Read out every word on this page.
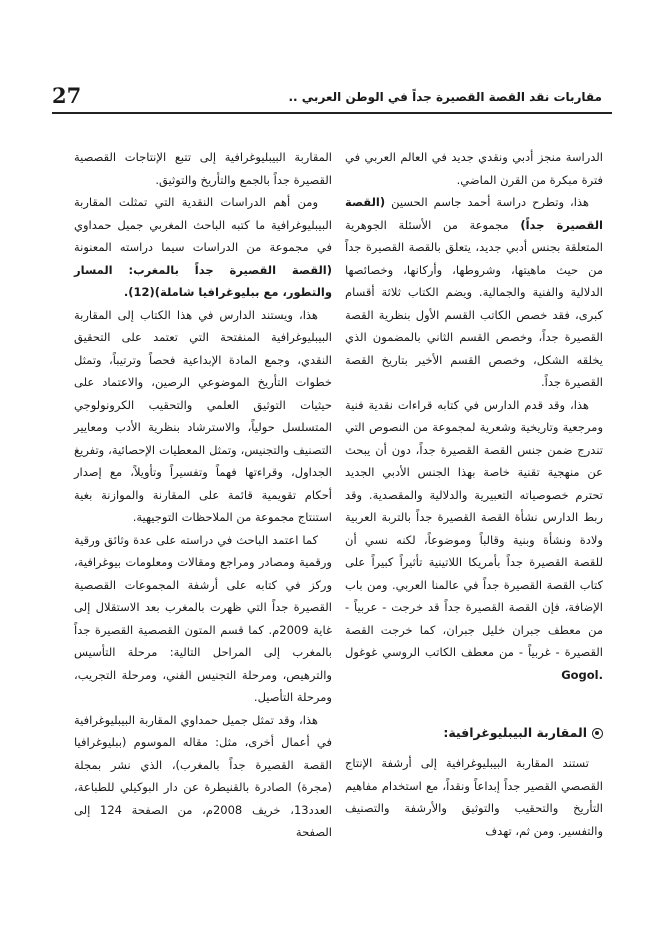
27	مقاربات نقد القصة القصيرة جداً في الوطن العربي ..

الدراسة منجز أدبي ونقدي جديد في العالم العربي في فترة مبكرة من القرن الماضي.

هذا، وتطرح دراسة أحمد جاسم الحسين (القصة القصيرة جداً) مجموعة من الأسئلة الجوهرية المتعلقة بجنس أدبي جديد، يتعلق بالقصة القصيرة جداً من حيث ماهيتها، وشروطها، وأركانها، وخصائصها الدلالية والفنية والجمالية. ويضم الكتاب ثلاثة أقسام كبرى، فقد خصص الكاتب القسم الأول بنظرية القصة القصيرة جداً، وخصص القسم الثاني بالمضمون الذي يخلقه الشكل، وخصص القسم الأخير بتاريخ القصة القصيرة جداً.

هذا، وقد قدم الدارس في كتابه قراءات نقدية فنية ومرجعية وتاريخية وشعرية لمجموعة من النصوص التي تندرج ضمن جنس القصة القصيرة جداً، دون أن يبحث عن منهجية تقنية خاصة بهذا الجنس الأدبي الجديد تحترم خصوصياته التعبيرية والدلالية والمقصدية. وقد ربط الدارس نشأة القصة القصيرة جداً بالتربة العربية ولادة ونشأة وبنية وقالباً وموضوعاً، لكنه نسي أن للقصة القصيرة جداً بأمريكا اللاتينية تأثيراً كبيراً على كتاب القصة القصيرة جداً في عالمنا العربي. ومن باب الإضافة، فإن القصة القصيرة جداً قد خرجت - عربياً - من معطف جبران خليل جبران، كما خرجت القصة القصيرة - غربياً - من معطف الكاتب الروسي غوغول Gogol.

المقاربة البيبليوغرافية:

تستند المقاربة البيبليوغرافية إلى أرشفة الإنتاج القصصي القصير جداً إبداعاً ونقداً، مع استخدام مفاهيم التأريخ والتحقيب والتوثيق والأرشفة والتصنيف والتفسير. ومن ثم، تهدف

المقاربة البيبليوغرافية إلى تتبع الإنتاجات القصصية القصيرة جداً بالجمع والتأريخ والتوثيق.

ومن أهم الدراسات النقدية التي تمثلت المقاربة البيبليوغرافية ما كتبه الباحث المغربي جميل حمداوي في مجموعة من الدراسات سيما دراسته المعنونة (القصة القصيرة جداً بالمغرب: المسار والتطور، مع ببليوغرافيا شاملة)(12).

هذا، ويستند الدارس في هذا الكتاب إلى المقاربة البيبليوغرافية المنفتحة التي تعتمد على التحقيق النقدي، وجمع المادة الإبداعية فحصاً وترتيباً، وتمثل خطوات التأريخ الموضوعي الرصين، والاعتماد على حيثيات التوثيق العلمي والتحقيب الكرونولوجي المتسلسل حولياً، والاسترشاد بنظرية الأدب ومعايير التصنيف والتجنيس، وتمثل المعطيات الإحصائية، وتفريغ الجداول، وقراءتها فهماً وتفسيراً وتأويلاً، مع إصدار أحكام تقويمية قائمة على المقارنة والموازنة بغية استنتاج مجموعة من الملاحظات التوجيهية.

كما اعتمد الباحث في دراسته على عدة وثائق ورقية ورقمية ومصادر ومراجع ومقالات ومعلومات بيوغرافية، وركز في كتابه على أرشفة المجموعات القصصية القصيرة جداً التي ظهرت بالمغرب بعد الاستقلال إلى غاية 2009م. كما قسم المتون القصصية القصيرة جداً بالمغرب إلى المراحل التالية: مرحلة التأسيس والترهيص، ومرحلة التجنيس الفني، ومرحلة التجريب، ومرحلة التأصيل.

هذا، وقد تمثل جميل حمداوي المقاربة البيبليوغرافية في أعمال أخرى، مثل: مقاله الموسوم (ببليوغرافيا القصة القصيرة جداً بالمغرب)، الذي نشر بمجلة (مجرة) الصادرة بالقنيطرة عن دار البوكيلي للطباعة، العدد13، خريف 2008م، من الصفحة 124 إلى الصفحة
